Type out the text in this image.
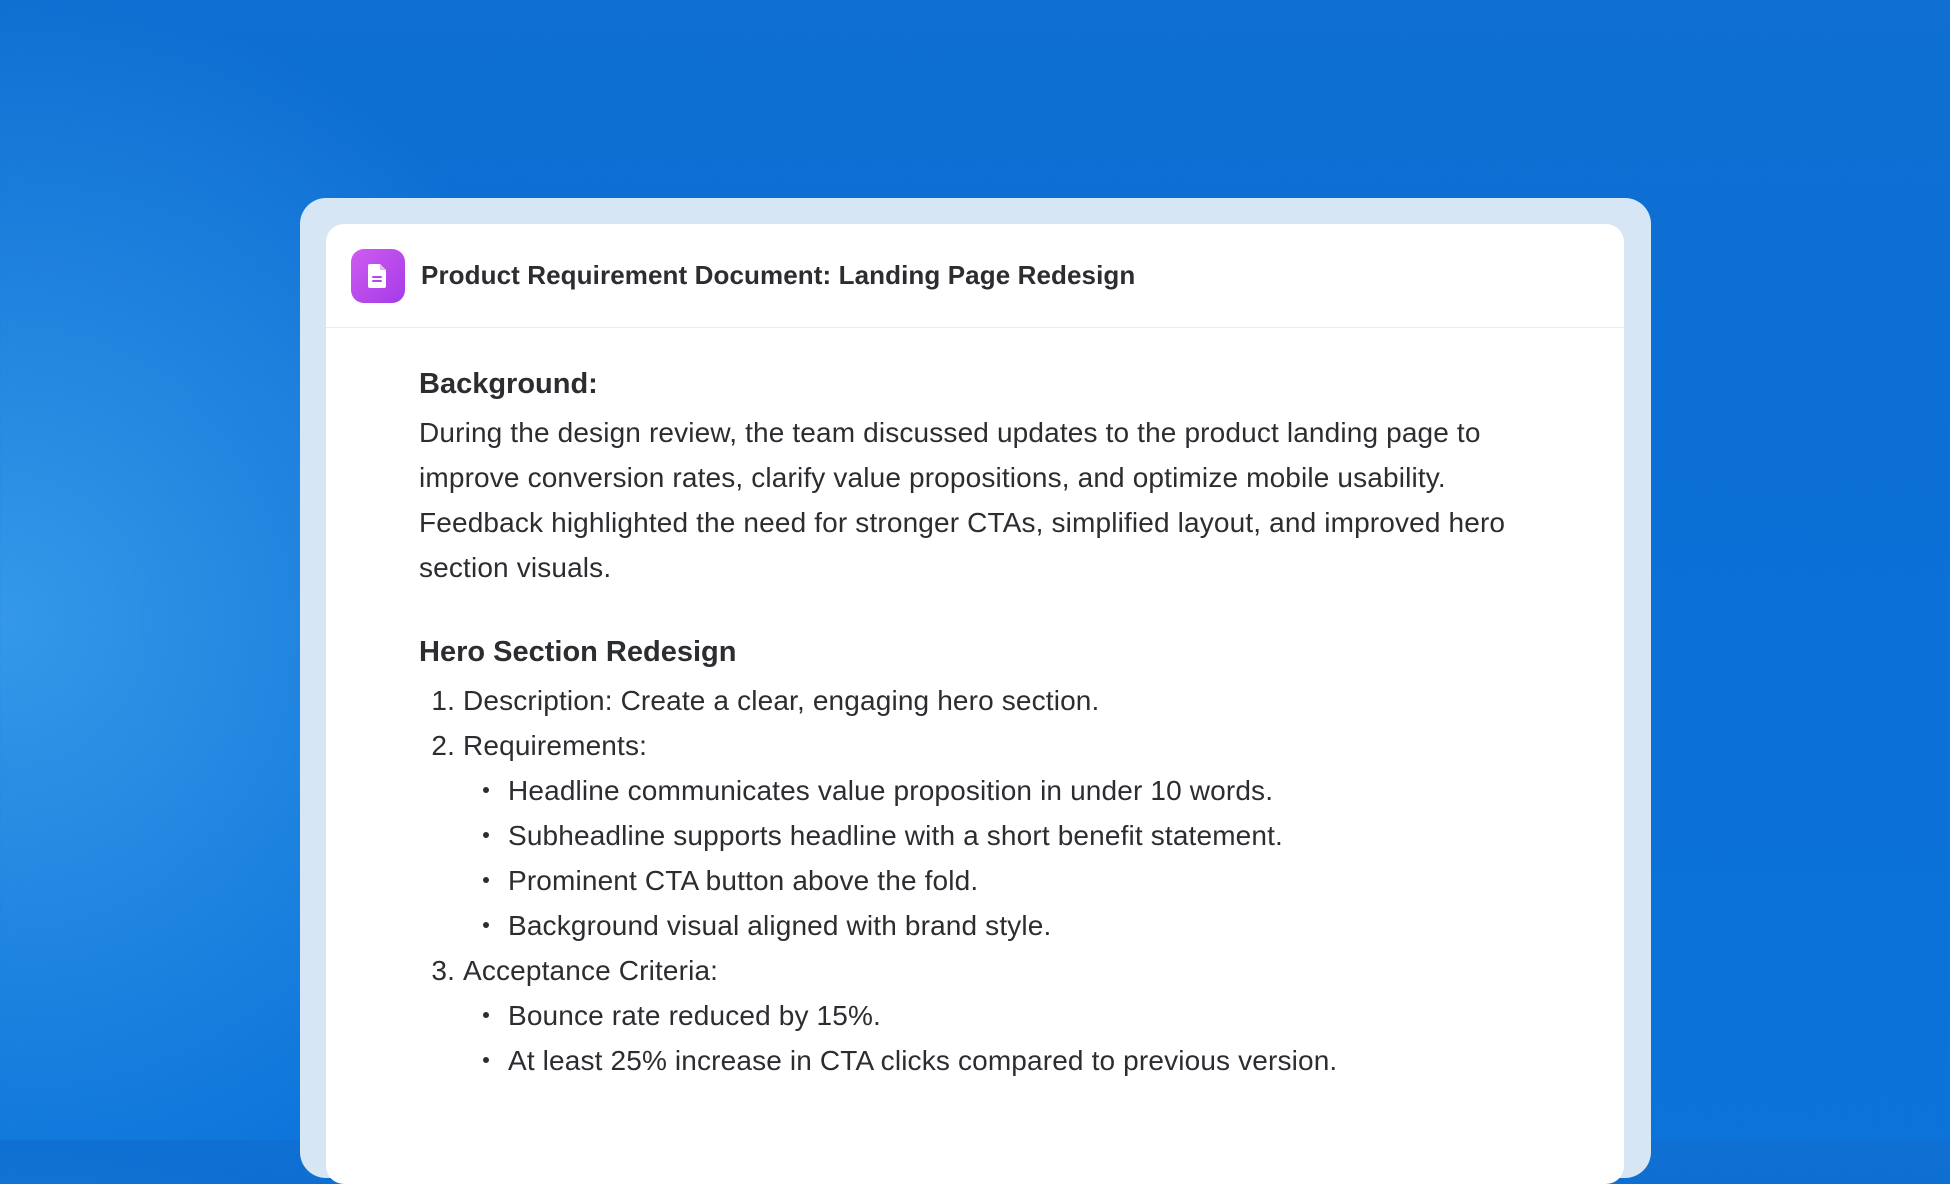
Product Requirement Document: Landing Page Redesign
Background:

During the design review, the team discussed updates to the product landing page to improve conversion rates, clarify value propositions, and optimize mobile usability. Feedback highlighted the need for stronger CTAs, simplified layout, and improved hero section visuals.

Hero Section Redesign
1. Description: Create a clear, engaging hero section.
2. Requirements:
Headline communicates value proposition in under 10 words.
Subheadline supports headline with a short benefit statement.
Prominent CTA button above the fold.
Background visual aligned with brand style.
3. Acceptance Criteria:
Bounce rate reduced by 15%.
At least 25% increase in CTA clicks compared to previous version.
